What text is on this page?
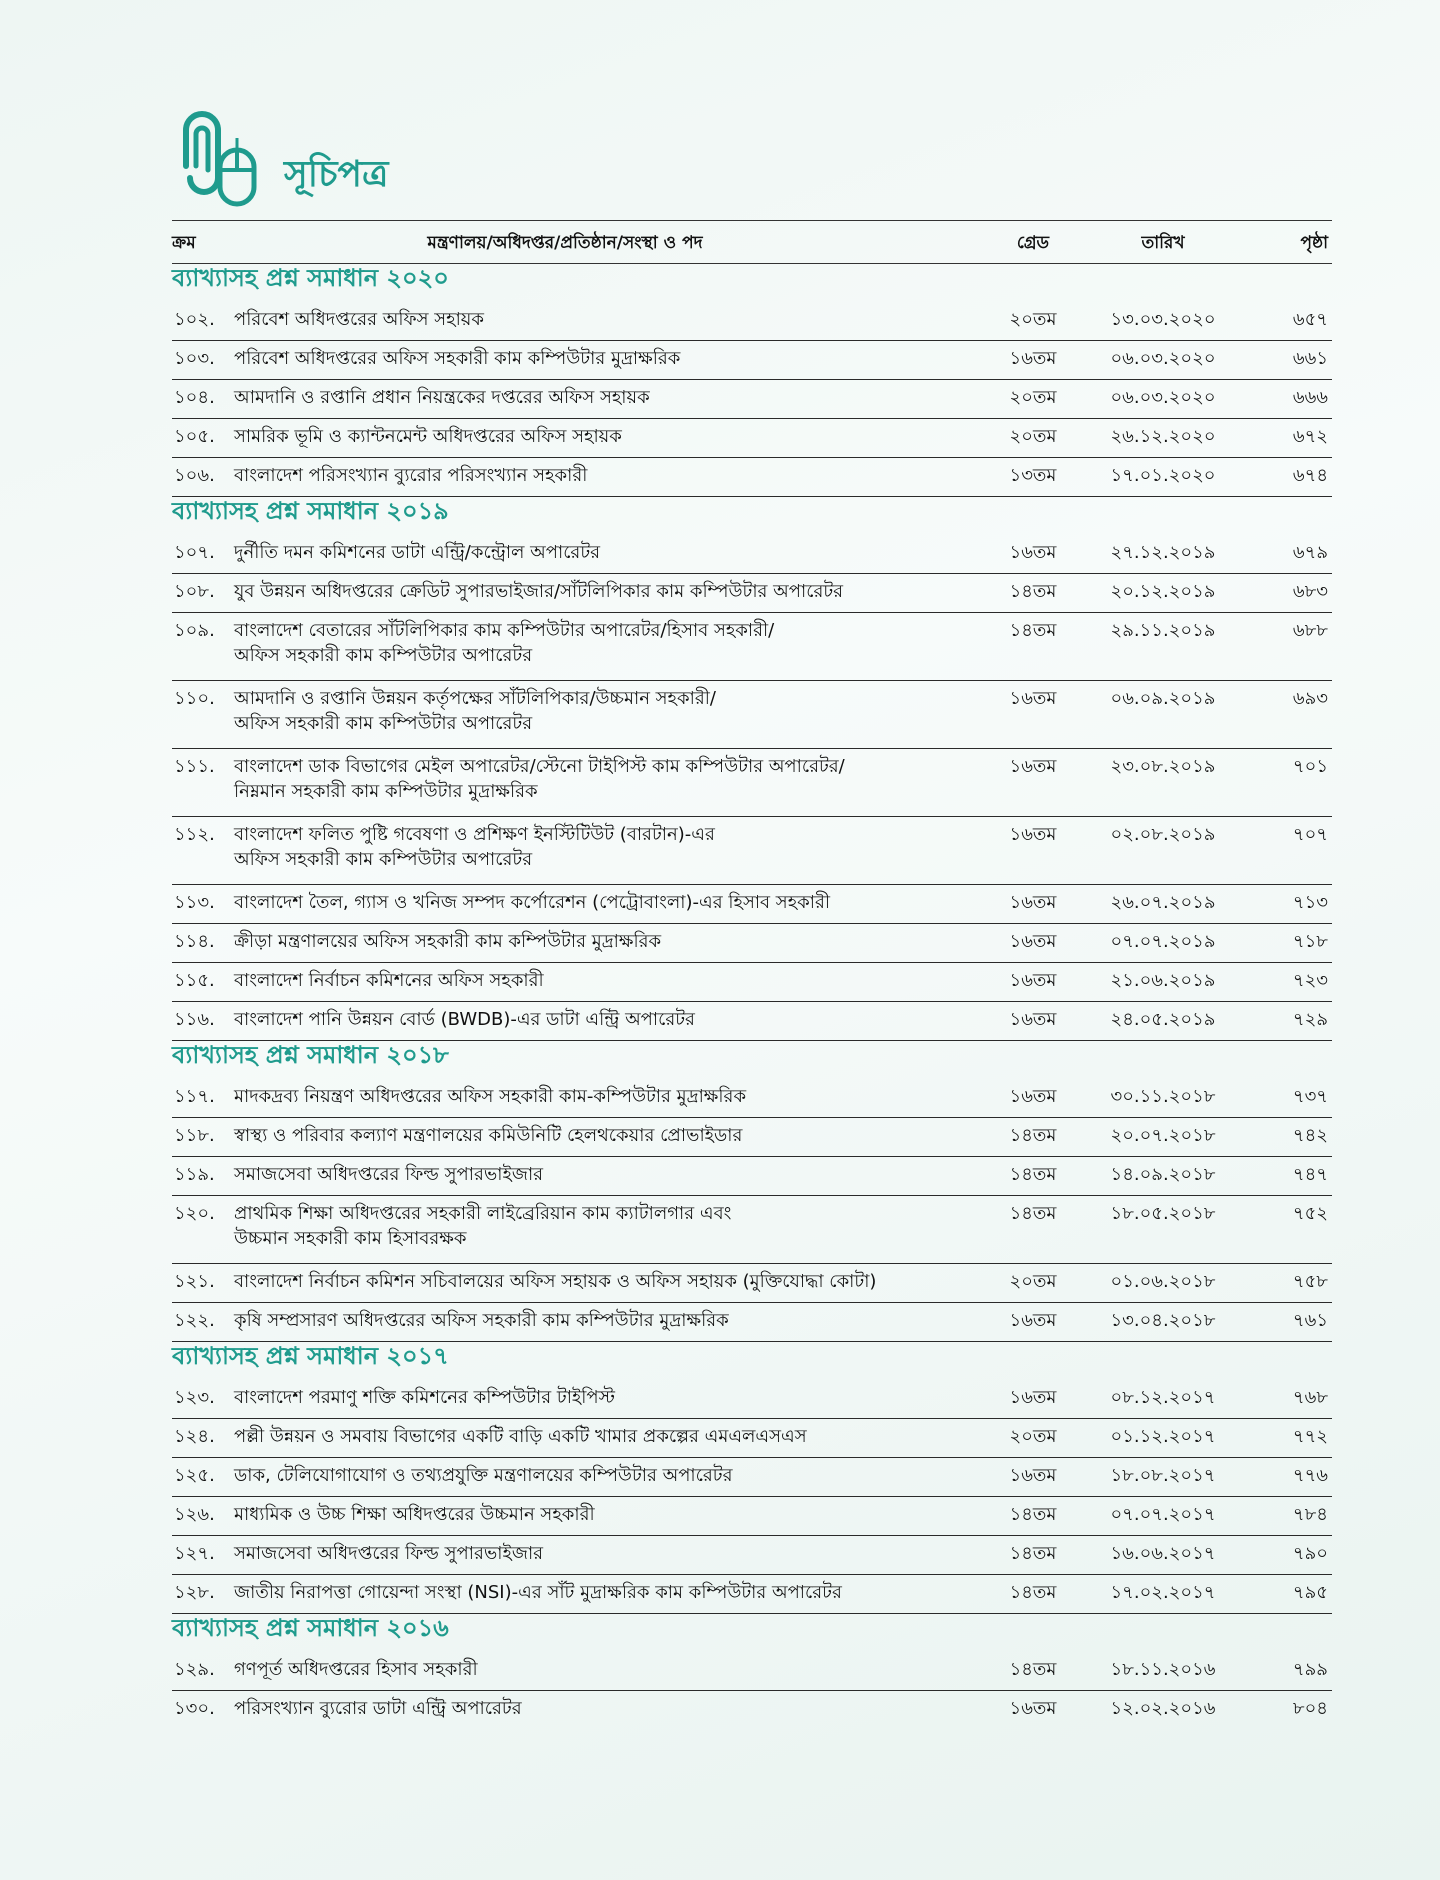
সূচিপত্র
ক্রম	মন্ত্রণালয়/অধিদপ্তর/প্রতিষ্ঠান/সংস্থা ও পদ	গ্রেড	তারিখ	পৃষ্ঠা
ব্যাখ্যাসহ প্রশ্ন সমাধান ২০২০
১০২.	পরিবেশ অধিদপ্তরের অফিস সহায়ক	২০তম	১৩.০৩.২০২০	৬৫৭
১০৩.	পরিবেশ অধিদপ্তরের অফিস সহকারী কাম কম্পিউটার মুদ্রাক্ষরিক	১৬তম	০৬.০৩.২০২০	৬৬১
১০৪.	আমদানি ও রপ্তানি প্রধান নিয়ন্ত্রকের দপ্তরের অফিস সহায়ক	২০তম	০৬.০৩.২০২০	৬৬৬
১০৫.	সামরিক ভূমি ও ক্যান্টনমেন্ট অধিদপ্তরের অফিস সহায়ক	২০তম	২৬.১২.২০২০	৬৭২
১০৬.	বাংলাদেশ পরিসংখ্যান ব্যুরোর পরিসংখ্যান সহকারী	১৩তম	১৭.০১.২০২০	৬৭৪
ব্যাখ্যাসহ প্রশ্ন সমাধান ২০১৯
১০৭.	দুর্নীতি দমন কমিশনের ডাটা এন্ট্রি/কন্ট্রোল অপারেটর	১৬তম	২৭.১২.২০১৯	৬৭৯
১০৮.	যুব উন্নয়ন অধিদপ্তরের ক্রেডিট সুপারভাইজার/সাঁটলিপিকার কাম কম্পিউটার অপারেটর	১৪তম	২০.১২.২০১৯	৬৮৩
১০৯.	বাংলাদেশ বেতারের সাঁটলিপিকার কাম কম্পিউটার অপারেটর/হিসাব সহকারী/
অফিস সহকারী কাম কম্পিউটার অপারেটর
১৪তম	২৯.১১.২০১৯	৬৮৮
১১০.	আমদানি ও রপ্তানি উন্নয়ন কর্তৃপক্ষের সাঁটলিপিকার/উচ্চমান সহকারী/
অফিস সহকারী কাম কম্পিউটার অপারেটর
১৬তম	০৬.০৯.২০১৯	৬৯৩
১১১.	বাংলাদেশ ডাক বিভাগের মেইল অপারেটর/স্টেনো টাইপিস্ট কাম কম্পিউটার অপারেটর/
নিম্নমান সহকারী কাম কম্পিউটার মুদ্রাক্ষরিক
১৬তম	২৩.০৮.২০১৯	৭০১
১১২.	বাংলাদেশ ফলিত পুষ্টি গবেষণা ও প্রশিক্ষণ ইনস্টিটিউট (বারটান)-এর
অফিস সহকারী কাম কম্পিউটার অপারেটর
১৬তম	০২.০৮.২০১৯	৭০৭
১১৩.	বাংলাদেশ তৈল, গ্যাস ও খনিজ সম্পদ কর্পোরেশন (পেট্রোবাংলা)-এর হিসাব সহকারী	১৬তম	২৬.০৭.২০১৯	৭১৩
১১৪.	ক্রীড়া মন্ত্রণালয়ের অফিস সহকারী কাম কম্পিউটার মুদ্রাক্ষরিক	১৬তম	০৭.০৭.২০১৯	৭১৮
১১৫.	বাংলাদেশ নির্বাচন কমিশনের অফিস সহকারী	১৬তম	২১.০৬.২০১৯	৭২৩
১১৬.	বাংলাদেশ পানি উন্নয়ন বোর্ড (BWDB)-এর ডাটা এন্ট্রি অপারেটর	১৬তম	২৪.০৫.২০১৯	৭২৯
ব্যাখ্যাসহ প্রশ্ন সমাধান ২০১৮
১১৭.	মাদকদ্রব্য নিয়ন্ত্রণ অধিদপ্তরের অফিস সহকারী কাম-কম্পিউটার মুদ্রাক্ষরিক	১৬তম	৩০.১১.২০১৮	৭৩৭
১১৮.	স্বাস্থ্য ও পরিবার কল্যাণ মন্ত্রণালয়ের কমিউনিটি হেলথকেয়ার প্রোভাইডার	১৪তম	২০.০৭.২০১৮	৭৪২
১১৯.	সমাজসেবা অধিদপ্তরের ফিল্ড সুপারভাইজার	১৪তম	১৪.০৯.২০১৮	৭৪৭
১২০.	প্রাথমিক শিক্ষা অধিদপ্তরের সহকারী লাইব্রেরিয়ান কাম ক্যাটালগার এবং
উচ্চমান সহকারী কাম হিসাবরক্ষক
১৪তম	১৮.০৫.২০১৮	৭৫২
১২১.	বাংলাদেশ নির্বাচন কমিশন সচিবালয়ের অফিস সহায়ক ও অফিস সহায়ক (মুক্তিযোদ্ধা কোটা)	২০তম	০১.০৬.২০১৮	৭৫৮
১২২.	কৃষি সম্প্রসারণ অধিদপ্তরের অফিস সহকারী কাম কম্পিউটার মুদ্রাক্ষরিক	১৬তম	১৩.০৪.২০১৮	৭৬১
ব্যাখ্যাসহ প্রশ্ন সমাধান ২০১৭
১২৩.	বাংলাদেশ পরমাণু শক্তি কমিশনের কম্পিউটার টাইপিস্ট	১৬তম	০৮.১২.২০১৭	৭৬৮
১২৪.	পল্লী উন্নয়ন ও সমবায় বিভাগের একটি বাড়ি একটি খামার প্রকল্পের এমএলএসএস	২০তম	০১.১২.২০১৭	৭৭২
১২৫.	ডাক, টেলিযোগাযোগ ও তথ্যপ্রযুক্তি মন্ত্রণালয়ের কম্পিউটার অপারেটর	১৬তম	১৮.০৮.২০১৭	৭৭৬
১২৬.	মাধ্যমিক ও উচ্চ শিক্ষা অধিদপ্তরের উচ্চমান সহকারী	১৪তম	০৭.০৭.২০১৭	৭৮৪
১২৭.	সমাজসেবা অধিদপ্তরের ফিল্ড সুপারভাইজার	১৪তম	১৬.০৬.২০১৭	৭৯০
১২৮.	জাতীয় নিরাপত্তা গোয়েন্দা সংস্থা (NSI)-এর সাঁট মুদ্রাক্ষরিক কাম কম্পিউটার অপারেটর	১৪তম	১৭.০২.২০১৭	৭৯৫
ব্যাখ্যাসহ প্রশ্ন সমাধান ২০১৬
১২৯.	গণপূর্ত অধিদপ্তরের হিসাব সহকারী	১৪তম	১৮.১১.২০১৬	৭৯৯
১৩০.	পরিসংখ্যান ব্যুরোর ডাটা এন্ট্রি অপারেটর	১৬তম	১২.০২.২০১৬	৮০৪
